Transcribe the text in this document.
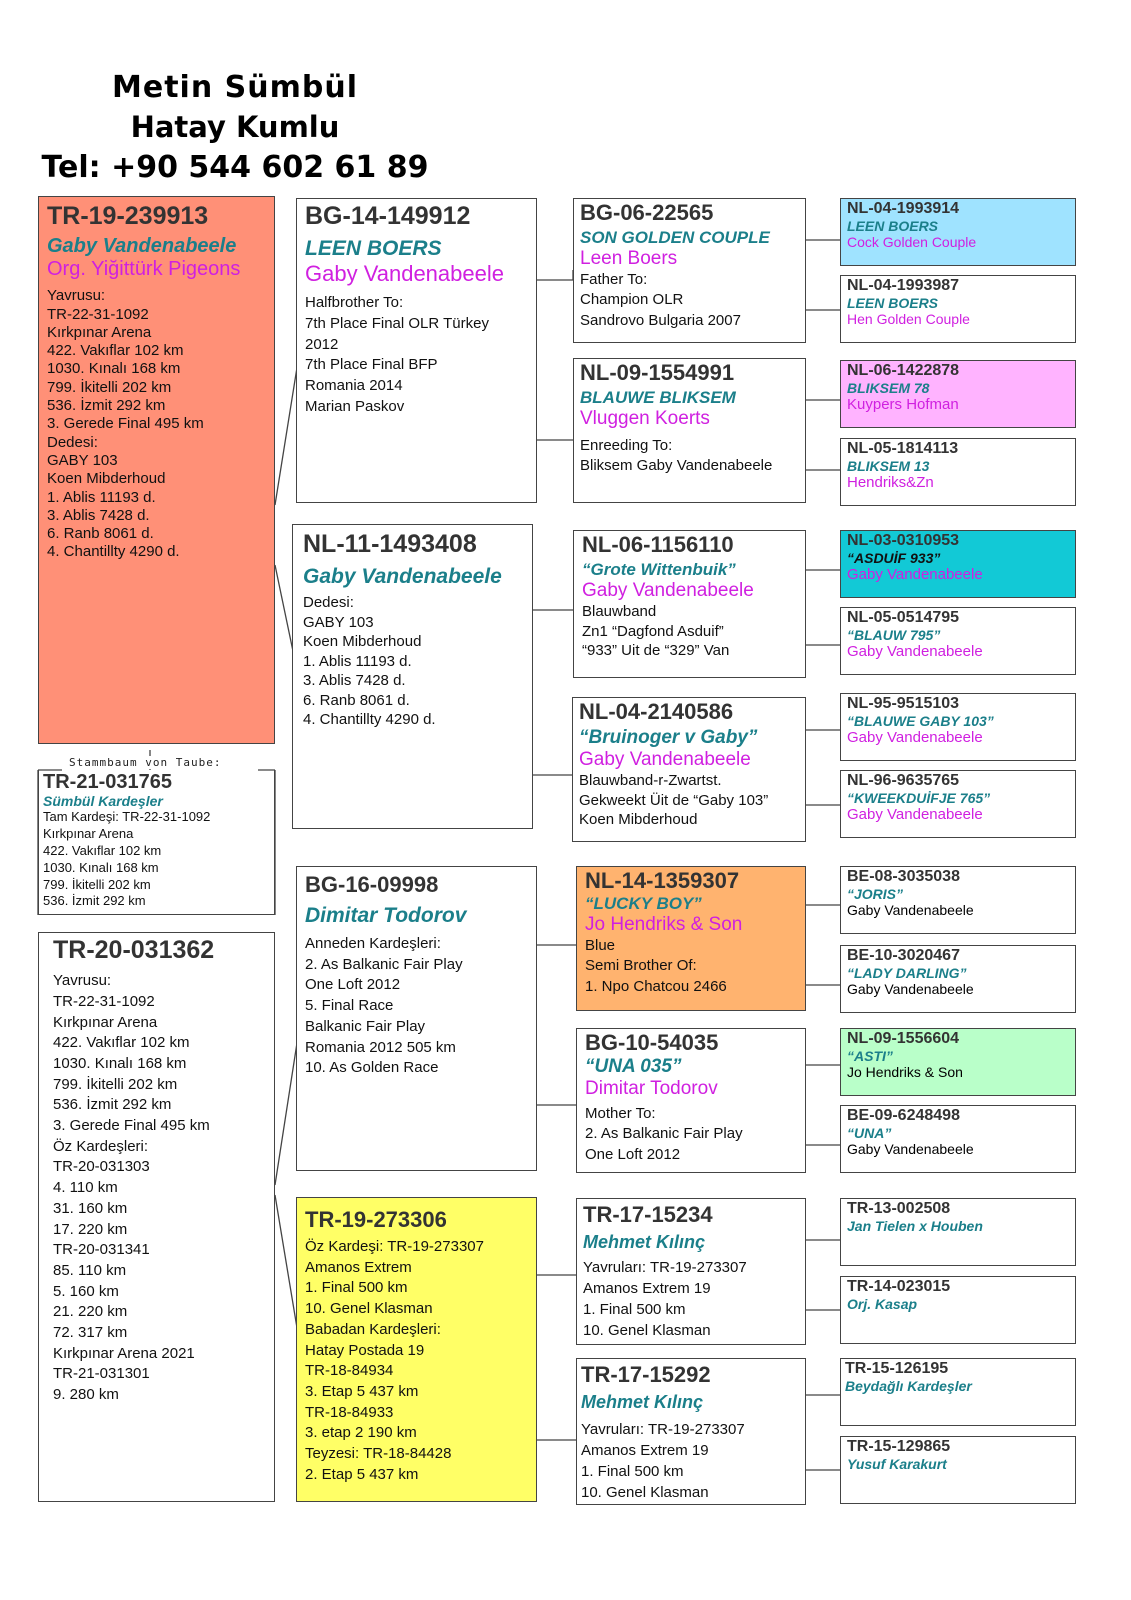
Metin Sümbül
Hatay Kumlu
Tel: +90 544 602 61 89
TR-19-239913
Gaby Vandenabeele
Org. Yiğittürk Pigeons
Yavrusu:
TR-22-31-1092
Kırkpınar Arena
422. Vakıflar 102 km
1030. Kınalı 168 km
799. İkitelli 202 km
536. İzmit 292 km
3. Gerede Final 495 km
Dedesi:
GABY 103
Koen Mibderhoud
1. Ablis 11193 d.
3. Ablis 7428 d.
6. Ranb 8061 d.
4. Chantillty 4290 d.
Stammbaum von Taube:
TR-21-031765
Sümbül Kardeşler
Tam Kardeşi: TR-22-31-1092
Kırkpınar Arena
422. Vakıflar 102 km
1030. Kınalı 168 km
799. İkitelli 202 km
536. İzmit 292 km
TR-20-031362
Yavrusu:
TR-22-31-1092
Kırkpınar Arena
422. Vakıflar 102 km
1030. Kınalı 168 km
799. İkitelli 202 km
536. İzmit 292 km
3. Gerede Final 495 km
Öz Kardeşleri:
TR-20-031303
4. 110 km
31. 160 km
17. 220 km
TR-20-031341
85. 110 km
5. 160 km
21. 220 km
72. 317 km
Kırkpınar Arena 2021
TR-21-031301
9. 280 km
BG-14-149912
LEEN BOERS
Gaby Vandenabeele
Halfbrother To:
7th Place Final OLR Türkey
2012
7th Place Final BFP
Romania 2014
Marian Paskov
NL-11-1493408
Gaby Vandenabeele
Dedesi:
GABY 103
Koen Mibderhoud
1. Ablis 11193 d.
3. Ablis 7428 d.
6. Ranb 8061 d.
4. Chantillty 4290 d.
BG-16-09998
Dimitar Todorov
Anneden Kardeşleri:
2. As Balkanic Fair Play
One Loft 2012
5. Final Race
Balkanic Fair Play
Romania 2012 505 km
10. As Golden Race
TR-19-273306
Öz Kardeşi: TR-19-273307
Amanos Extrem
1. Final 500 km
10. Genel Klasman
Babadan Kardeşleri:
Hatay Postada 19
TR-18-84934
3. Etap 5 437 km
TR-18-84933
3. etap 2 190 km
Teyzesi: TR-18-84428
2. Etap 5 437 km
BG-06-22565
SON GOLDEN COUPLE
Leen Boers
Father To:
Champion OLR
Sandrovo Bulgaria 2007
NL-09-1554991
BLAUWE BLIKSEM
Vluggen Koerts
Enreeding To:
Bliksem Gaby Vandenabeele
NL-06-1156110
“Grote Wittenbuik”
Gaby Vandenabeele
Blauwband
Zn1 “Dagfond Asduif”
“933” Uit de “329” Van
NL-04-2140586
“Bruinoger v Gaby”
Gaby Vandenabeele
Blauwband-r-Zwartst.
Gekweekt Üit de “Gaby 103”
Koen Mibderhoud
NL-14-1359307
“LUCKY BOY”
Jo Hendriks & Son
Blue
Semi Brother Of:
1. Npo Chatcou 2466
BG-10-54035
“UNA 035”
Dimitar Todorov
Mother To:
2. As Balkanic Fair Play
One Loft 2012
TR-17-15234
Mehmet Kılınç
Yavruları: TR-19-273307
Amanos Extrem 19
1. Final 500 km
10. Genel Klasman
TR-17-15292
Mehmet Kılınç
Yavruları: TR-19-273307
Amanos Extrem 19
1. Final 500 km
10. Genel Klasman
NL-04-1993914
LEEN BOERS
Cock Golden Couple
NL-04-1993987
LEEN BOERS
Hen Golden Couple
NL-06-1422878
BLIKSEM 78
Kuypers Hofman
NL-05-1814113
BLIKSEM 13
Hendriks&Zn
NL-03-0310953
“ASDUİF 933”
Gaby Vandenabeele
NL-05-0514795
“BLAUW 795”
Gaby Vandenabeele
NL-95-9515103
“BLAUWE GABY 103”
Gaby Vandenabeele
NL-96-9635765
“KWEEKDUİFJE 765”
Gaby Vandenabeele
BE-08-3035038
“JORIS”
Gaby Vandenabeele
BE-10-3020467
“LADY DARLING”
Gaby Vandenabeele
NL-09-1556604
“ASTI”
Jo Hendriks & Son
BE-09-6248498
“UNA”
Gaby Vandenabeele
TR-13-002508
Jan Tielen x Houben
TR-14-023015
Orj. Kasap
TR-15-126195
Beydağlı Kardeşler
TR-15-129865
Yusuf Karakurt
